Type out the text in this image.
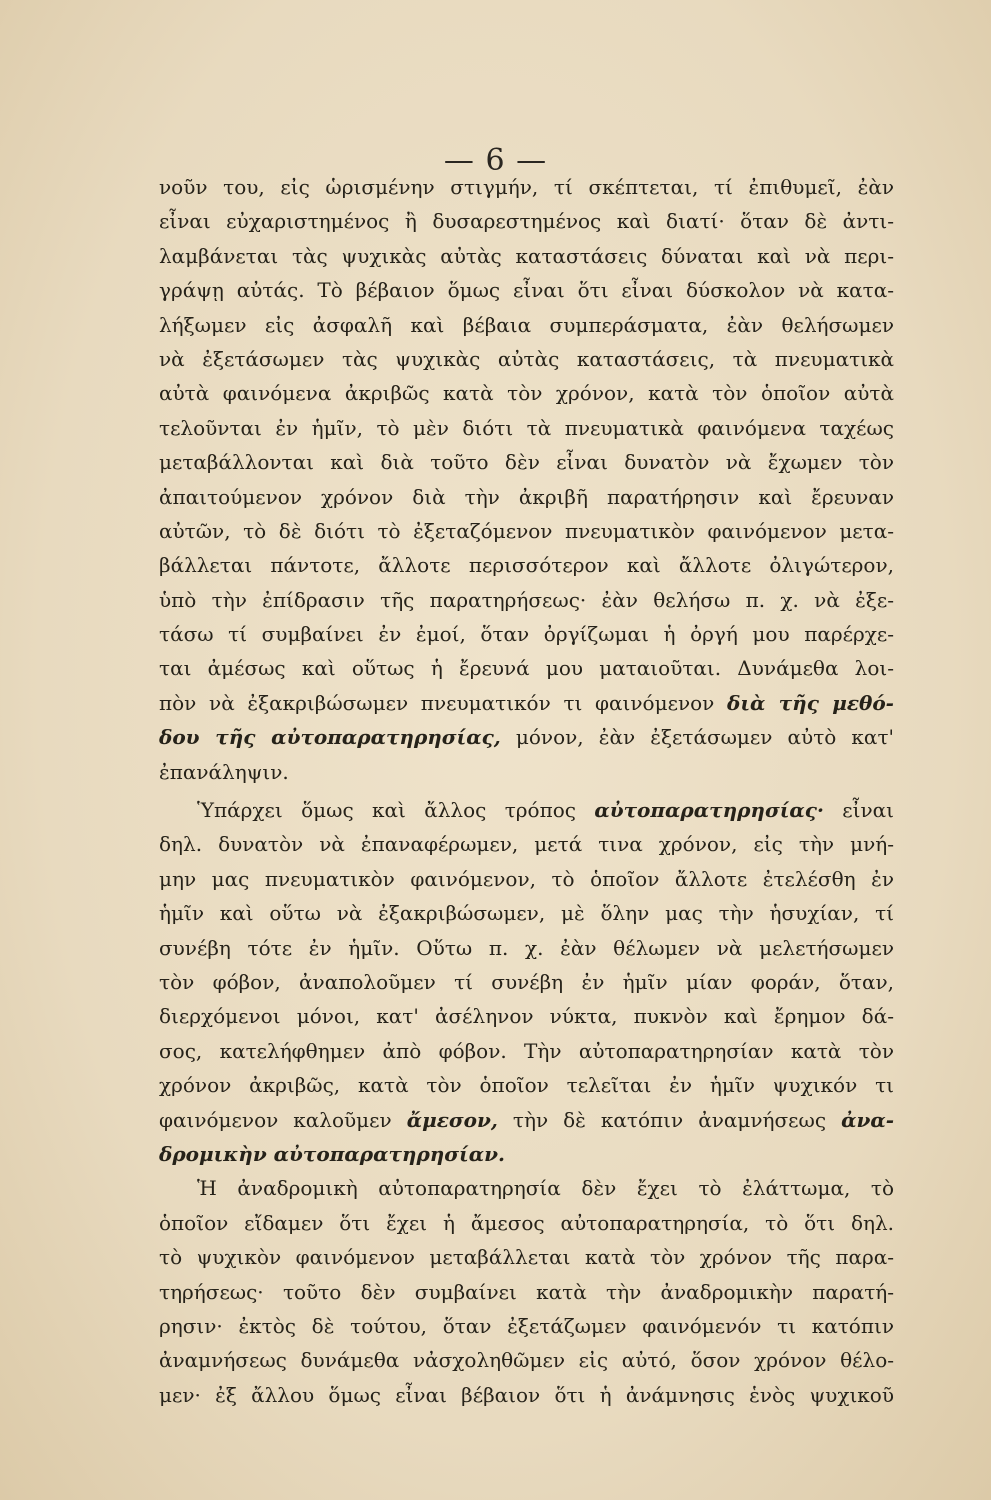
— 6 —
νοῦν του, εἰς ὡρισμένην στιγμήν, τί σκέπτεται, τί ἐπιθυμεῖ, ἐὰν
εἶναι εὐχαριστημένος ἢ δυσαρεστημένος καὶ διατί· ὅταν δὲ ἀντι-
λαμβάνεται τὰς ψυχικὰς αὐτὰς καταστάσεις δύναται καὶ νὰ περι-
γράψῃ αὐτάς. Τὸ βέβαιον ὅμως εἶναι ὅτι εἶναι δύσκολον νὰ κατα-
λήξωμεν εἰς ἀσφαλῆ καὶ βέβαια συμπεράσματα, ἐὰν θελήσωμεν
νὰ ἐξετάσωμεν τὰς ψυχικὰς αὐτὰς καταστάσεις, τὰ πνευματικὰ
αὐτὰ φαινόμενα ἀκριβῶς κατὰ τὸν χρόνον, κατὰ τὸν ὁποῖον αὐτὰ
τελοῦνται ἐν ἡμῖν, τὸ μὲν διότι τὰ πνευματικὰ φαινόμενα ταχέως
μεταβάλλονται καὶ διὰ τοῦτο δὲν εἶναι δυνατὸν νὰ ἔχωμεν τὸν
ἀπαιτούμενον χρόνον διὰ τὴν ἀκριβῆ παρατήρησιν καὶ ἔρευναν
αὐτῶν, τὸ δὲ διότι τὸ ἐξεταζόμενον πνευματικὸν φαινόμενον μετα-
βάλλεται πάντοτε, ἄλλοτε περισσότερον καὶ ἄλλοτε ὀλιγώτερον,
ὑπὸ τὴν ἐπίδρασιν τῆς παρατηρήσεως· ἐὰν θελήσω π. χ. νὰ ἐξε-
τάσω τί συμβαίνει ἐν ἐμοί, ὅταν ὀργίζωμαι ἡ ὀργή μου παρέρχε-
ται ἀμέσως καὶ οὕτως ἡ ἔρευνά μου ματαιοῦται. Δυνάμεθα λοι-
πὸν νὰ ἐξακριβώσωμεν πνευματικόν τι φαινόμενον διὰ τῆς μεθό-
δου τῆς αὐτοπαρατηρησίας, μόνον, ἐὰν ἐξετάσωμεν αὐτὸ κατ'
ἐπανάληψιν.
Ὑπάρχει ὅμως καὶ ἄλλος τρόπος αὐτοπαρατηρησίας· εἶναι
δηλ. δυνατὸν νὰ ἐπαναφέρωμεν, μετά τινα χρόνον, εἰς τὴν μνή-
μην μας πνευματικὸν φαινόμενον, τὸ ὁποῖον ἄλλοτε ἐτελέσθη ἐν
ἡμῖν καὶ οὕτω νὰ ἐξακριβώσωμεν, μὲ ὅλην μας τὴν ἡσυχίαν, τί
συνέβη τότε ἐν ἡμῖν. Οὕτω π. χ. ἐὰν θέλωμεν νὰ μελετήσωμεν
τὸν φόβον, ἀναπολοῦμεν τί συνέβη ἐν ἡμῖν μίαν φοράν, ὅταν,
διερχόμενοι μόνοι, κατ' ἀσέληνον νύκτα, πυκνὸν καὶ ἔρημον δά-
σος, κατελήφθημεν ἀπὸ φόβον. Τὴν αὐτοπαρατηρησίαν κατὰ τὸν
χρόνον ἀκριβῶς, κατὰ τὸν ὁποῖον τελεῖται ἐν ἡμῖν ψυχικόν τι
φαινόμενον καλοῦμεν ἄμεσον, τὴν δὲ κατόπιν ἀναμνήσεως ἀνα-
δρομικὴν αὐτοπαρατηρησίαν.
Ἡ ἀναδρομικὴ αὐτοπαρατηρησία δὲν ἔχει τὸ ἐλάττωμα, τὸ
ὁποῖον εἴδαμεν ὅτι ἔχει ἡ ἄμεσος αὐτοπαρατηρησία, τὸ ὅτι δηλ.
τὸ ψυχικὸν φαινόμενον μεταβάλλεται κατὰ τὸν χρόνον τῆς παρα-
τηρήσεως· τοῦτο δὲν συμβαίνει κατὰ τὴν ἀναδρομικὴν παρατή-
ρησιν· ἐκτὸς δὲ τούτου, ὅταν ἐξετάζωμεν φαινόμενόν τι κατόπιν
ἀναμνήσεως δυνάμεθα νἀσχοληθῶμεν εἰς αὐτό, ὅσον χρόνον θέλο-
μεν· ἐξ ἄλλου ὅμως εἶναι βέβαιον ὅτι ἡ ἀνάμνησις ἑνὸς ψυχικοῦ
